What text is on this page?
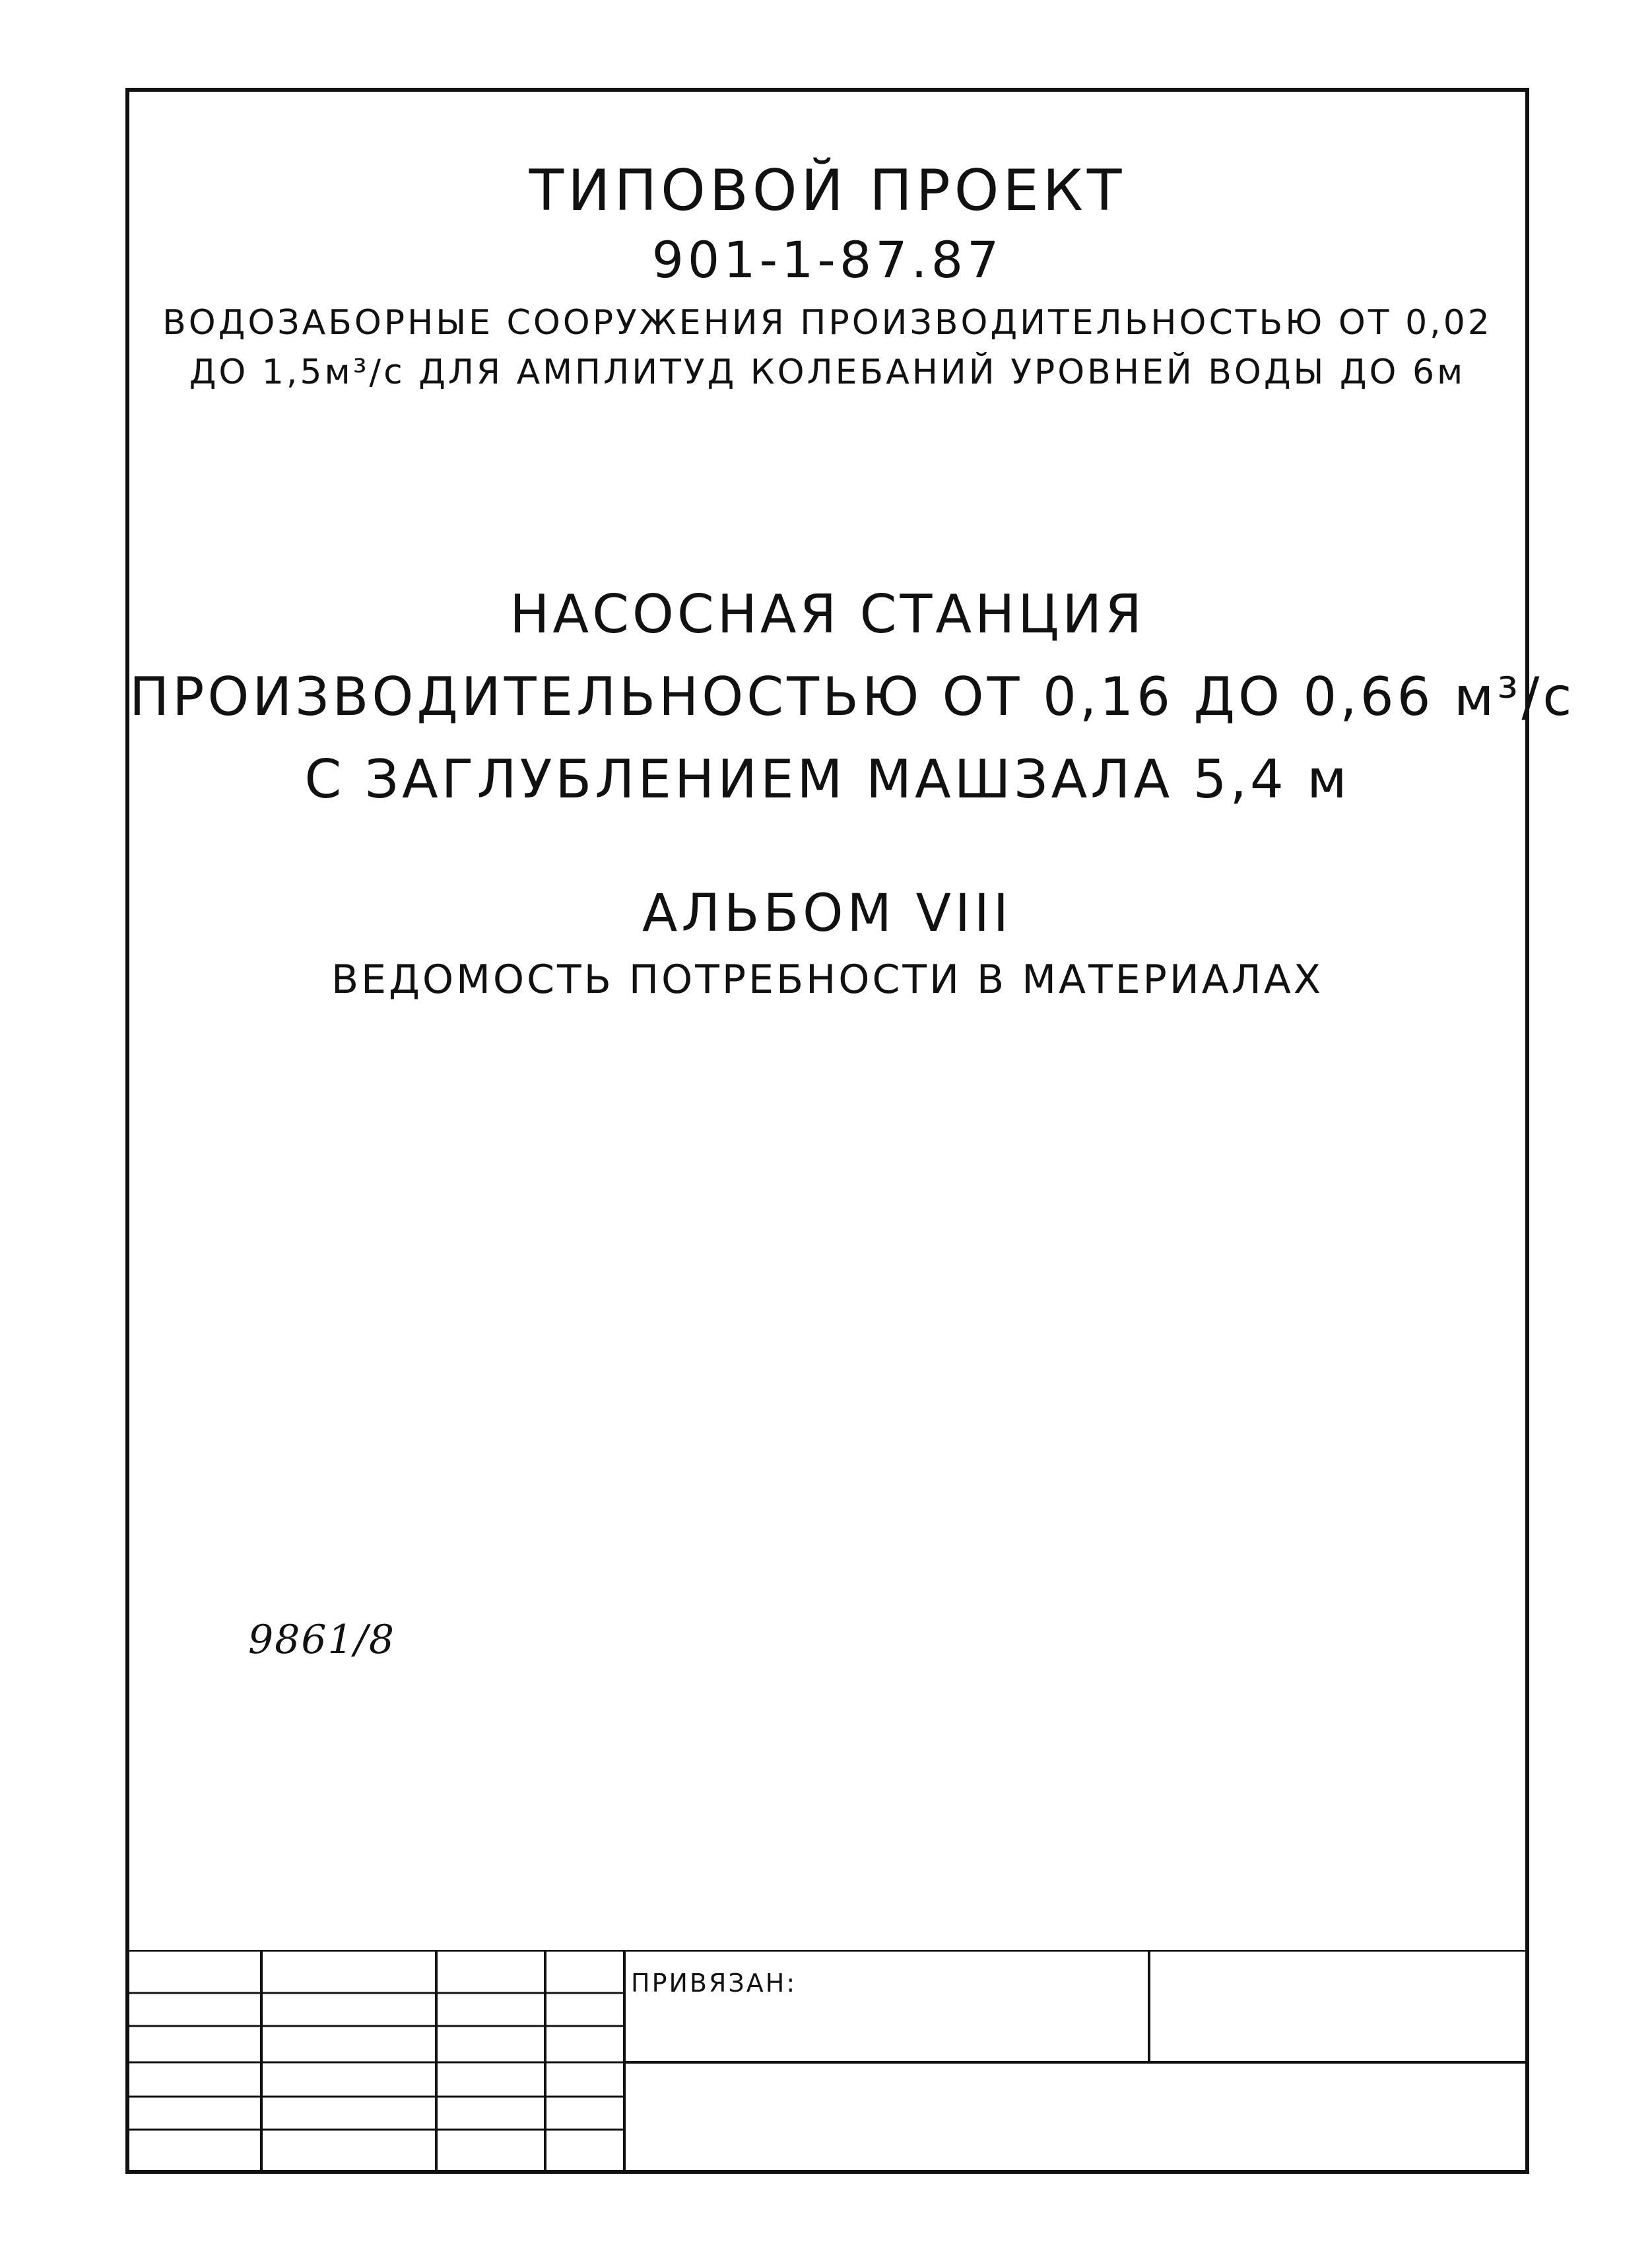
ТИПОВОЙ ПРОЕКТ
901-1-87.87
ВОДОЗАБОРНЫЕ СООРУЖЕНИЯ ПРОИЗВОДИТЕЛЬНОСТЬЮ ОТ 0,02
ДО 1,5м³/с ДЛЯ АМПЛИТУД КОЛЕБАНИЙ УРОВНЕЙ ВОДЫ ДО 6м
НАСОСНАЯ СТАНЦИЯ
ПРОИЗВОДИТЕЛЬНОСТЬЮ ОТ 0,16 ДО 0,66 м³/с
С ЗАГЛУБЛЕНИЕМ МАШЗАЛА 5,4 м
АЛЬБОМ VIII
ВЕДОМОСТЬ ПОТРЕБНОСТИ В МАТЕРИАЛАХ
9861/8
ПРИВЯЗАН:
